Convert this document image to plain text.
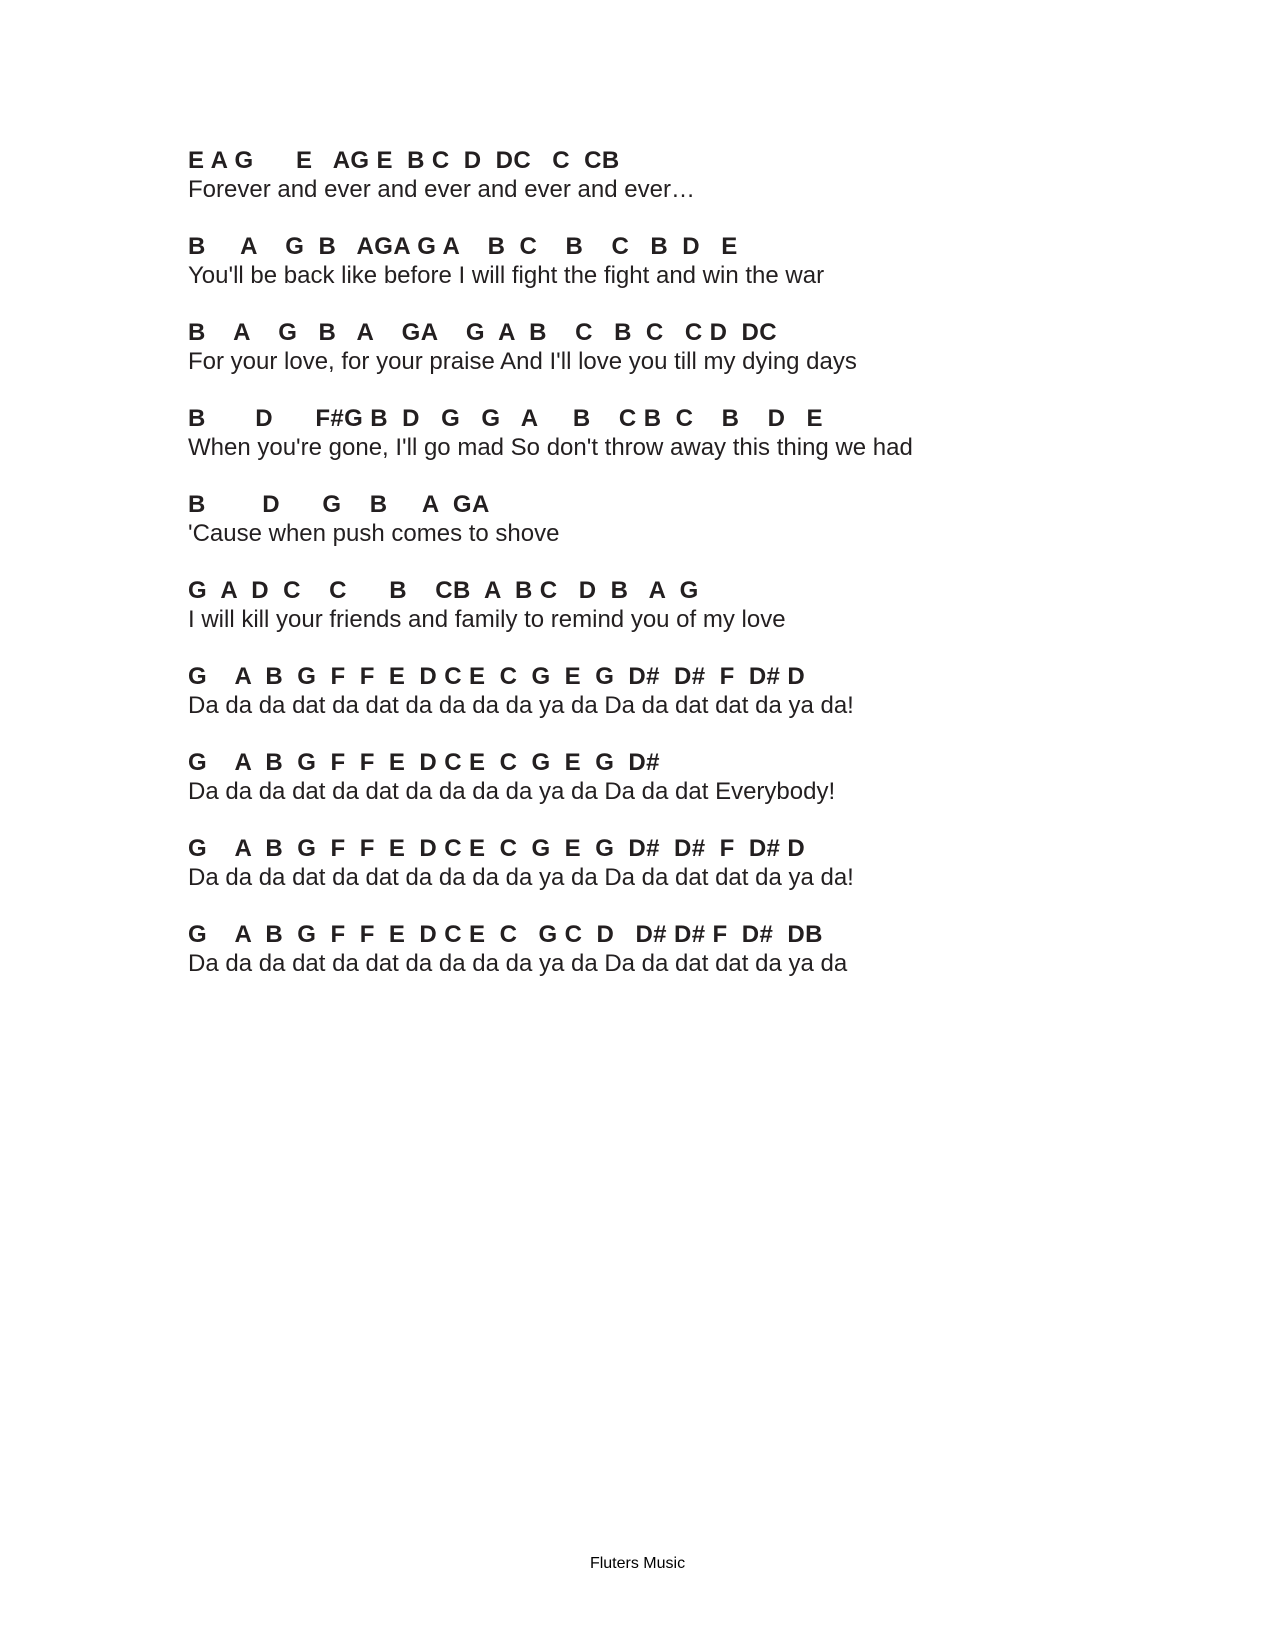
E A G      E   AG E  B C  D  DC   C  CB
Forever and ever and ever and ever and ever…
B     A    G  B   AGA G A    B  C    B    C   B  D   E
You'll be back like before I will fight the fight and win the war
B    A    G   B   A    GA    G  A  B    C   B  C   C D  DC
For your love, for your praise And I'll love you till my dying days
B       D      F#G B  D   G   G   A     B    C B  C    B    D   E
When you're gone, I'll go mad So don't throw away this thing we had
B        D      G    B     A  GA
'Cause when push comes to shove
G  A  D  C    C      B    CB  A  B C   D  B   A  G
I will kill your friends and family to remind you of my love
G    A  B  G  F  F  E  D C E  C  G  E  G  D#  D#  F  D# D
Da da da dat da dat da da da da ya da Da da dat dat da ya da!
G    A  B  G  F  F  E  D C E  C  G  E  G  D#
Da da da dat da dat da da da da ya da Da da dat Everybody!
G    A  B  G  F  F  E  D C E  C  G  E  G  D#  D#  F  D# D
Da da da dat da dat da da da da ya da Da da dat dat da ya da!
G    A  B  G  F  F  E  D C E  C   G C  D   D# D# F  D#  DB
Da da da dat da dat da da da da ya da Da da dat dat da ya da
Fluters Music
